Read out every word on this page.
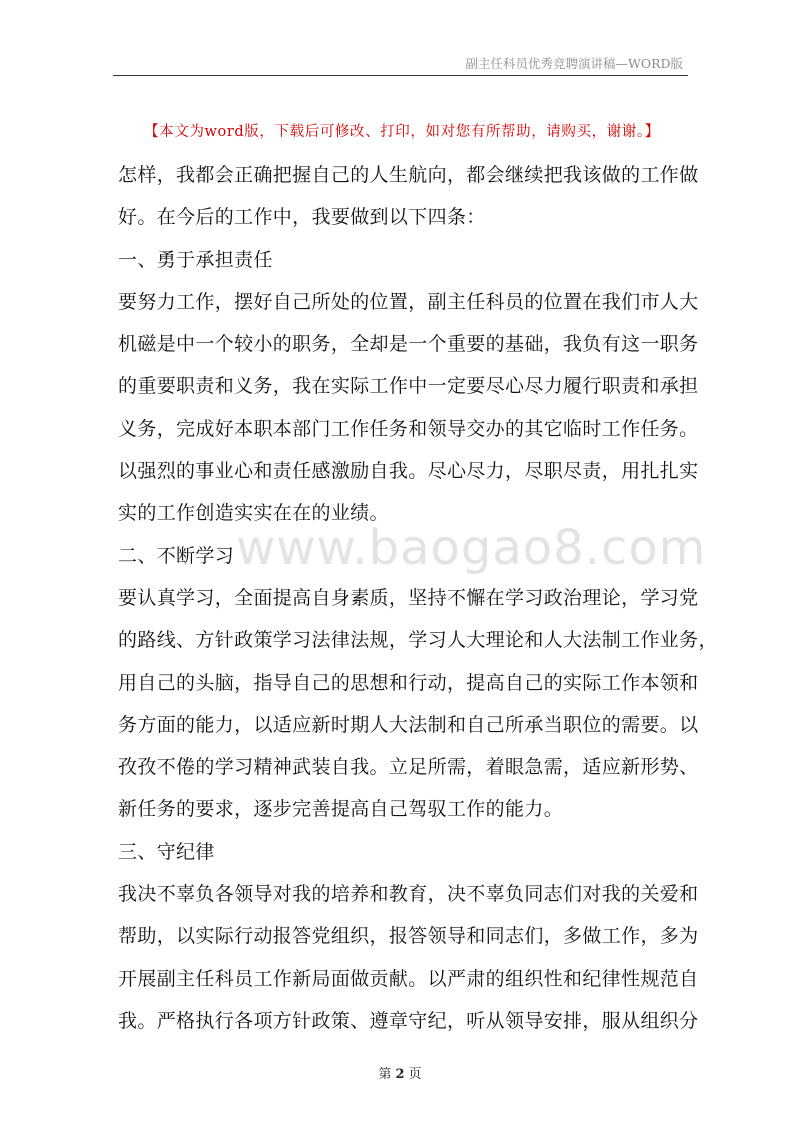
副主任科员优秀竞聘演讲稿—WORD版
【本文为word版，下载后可修改、打印，如对您有所帮助，请购买，谢谢。】
怎样，我都会正确把握自己的人生航向，都会继续把我该做的工作做
好。在今后的工作中，我要做到以下四条：
一、勇于承担责任
要努力工作，摆好自己所处的位置，副主任科员的位置在我们市人大
机磁是中一个较小的职务，全却是一个重要的基础，我负有这一职务
的重要职责和义务，我在实际工作中一定要尽心尽力履行职责和承担
义务，完成好本职本部门工作任务和领导交办的其它临时工作任务。
以强烈的事业心和责任感激励自我。尽心尽力，尽职尽责，用扎扎实
实的工作创造实实在在的业绩。
二、不断学习
要认真学习，全面提高自身素质，坚持不懈在学习政治理论，学习党
的路线、方针政策学习法律法规，学习人大理论和人大法制工作业务，
用自己的头脑，指导自己的思想和行动，提高自己的实际工作本领和
务方面的能力，以适应新时期人大法制和自己所承当职位的需要。以
孜孜不倦的学习精神武装自我。立足所需，着眼急需，适应新形势、
新任务的要求，逐步完善提高自己驾驭工作的能力。
三、守纪律
我决不辜负各领导对我的培养和教育，决不辜负同志们对我的关爱和
帮助，以实际行动报答党组织，报答领导和同志们，多做工作，多为
开展副主任科员工作新局面做贡献。以严肃的组织性和纪律性规范自
我。严格执行各项方针政策、遵章守纪，听从领导安排，服从组织分
www.baogao8.com
第 2 页
